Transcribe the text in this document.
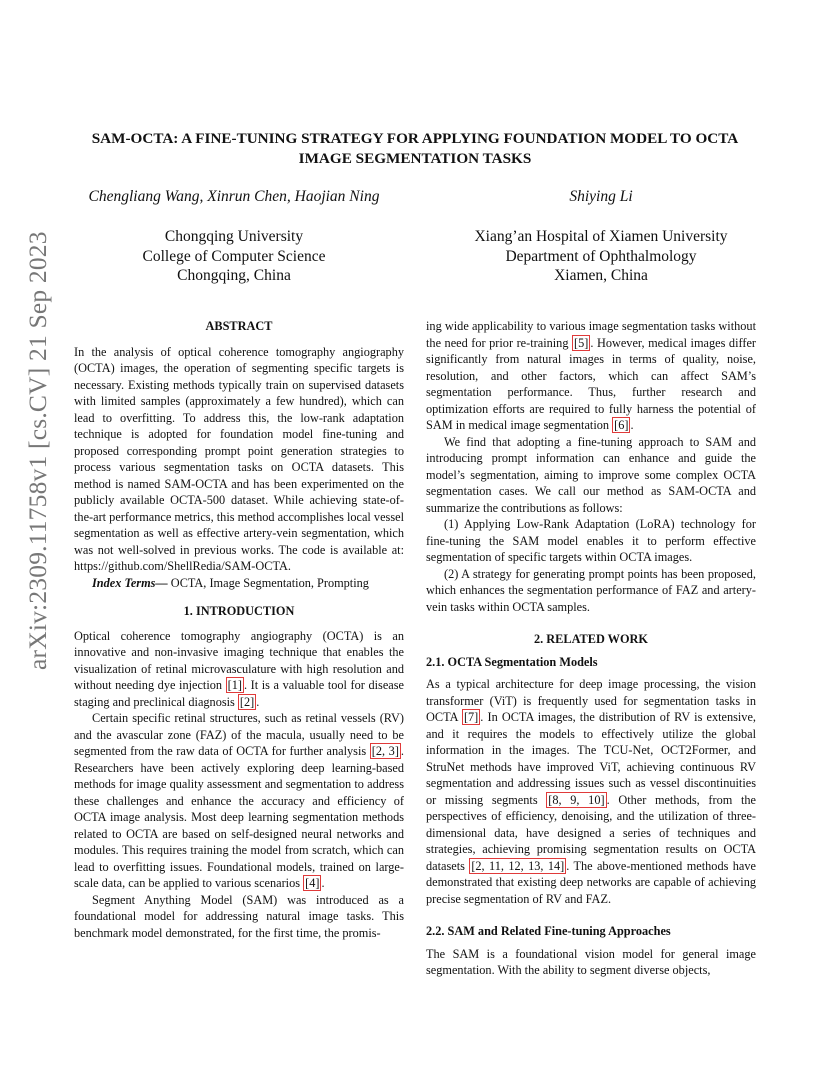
arXiv:2309.11758v1 [cs.CV] 21 Sep 2023
SAM-OCTA: A FINE-TUNING STRATEGY FOR APPLYING FOUNDATION MODEL TO OCTA IMAGE SEGMENTATION TASKS
Chengliang Wang, Xinrun Chen, Haojian Ning	Shiying Li
Chongqing University
College of Computer Science
Chongqing, China
Xiang’an Hospital of Xiamen University
Department of Ophthalmology
Xiamen, China
ABSTRACT

In the analysis of optical coherence tomography angiography (OCTA) images, the operation of segmenting specific targets is necessary. Existing methods typically train on supervised datasets with limited samples (approximately a few hundred), which can lead to overfitting. To address this, the low-rank adaptation technique is adopted for foundation model fine-tuning and proposed corresponding prompt point generation strategies to process various segmentation tasks on OCTA datasets. This method is named SAM-OCTA and has been experimented on the publicly available OCTA-500 dataset. While achieving state-of-the-art performance metrics, this method accomplishes local vessel segmentation as well as effective artery-vein segmentation, which was not well-solved in previous works. The code is available at: https://github.com/ShellRedia/SAM-OCTA.

Index Terms— OCTA, Image Segmentation, Prompting

1. INTRODUCTION

Optical coherence tomography angiography (OCTA) is an innovative and non-invasive imaging technique that enables the visualization of retinal microvasculature with high resolution and without needing dye injection [1] . It is a valuable tool for disease staging and preclinical diagnosis [2] .

Certain specific retinal structures, such as retinal vessels (RV) and the avascular zone (FAZ) of the macula, usually need to be segmented from the raw data of OCTA for further analysis [2, 3] . Researchers have been actively exploring deep learning-based methods for image quality assessment and segmentation to address these challenges and enhance the accuracy and efficiency of OCTA image analysis. Most deep learning segmentation methods related to OCTA are based on self-designed neural networks and modules. This requires training the model from scratch, which can lead to overfitting issues. Foundational models, trained on large-scale data, can be applied to various scenarios [4] .

Segment Anything Model (SAM) was introduced as a foundational model for addressing natural image tasks. This benchmark model demonstrated, for the first time, the promis-

ing wide applicability to various image segmentation tasks without the need for prior re-training [5] . However, medical images differ significantly from natural images in terms of quality, noise, resolution, and other factors, which can affect SAM’s segmentation performance. Thus, further research and optimization efforts are required to fully harness the potential of SAM in medical image segmentation [6] .

We find that adopting a fine-tuning approach to SAM and introducing prompt information can enhance and guide the model’s segmentation, aiming to improve some complex OCTA segmentation cases. We call our method as SAM-OCTA and summarize the contributions as follows:

(1) Applying Low-Rank Adaptation (LoRA) technology for fine-tuning the SAM model enables it to perform effective segmentation of specific targets within OCTA images.

(2) A strategy for generating prompt points has been proposed, which enhances the segmentation performance of FAZ and artery-vein tasks within OCTA samples.

2. RELATED WORK
2.1. OCTA Segmentation Models

As a typical architecture for deep image processing, the vision transformer (ViT) is frequently used for segmentation tasks in OCTA [7] . In OCTA images, the distribution of RV is extensive, and it requires the models to effectively utilize the global information in the images. The TCU-Net, OCT2Former, and StruNet methods have improved ViT, achieving continuous RV segmentation and addressing issues such as vessel discontinuities or missing segments [8, 9, 10] . Other methods, from the perspectives of efficiency, denoising, and the utilization of three-dimensional data, have designed a series of techniques and strategies, achieving promising segmentation results on OCTA datasets [2, 11, 12, 13, 14] . The above-mentioned methods have demonstrated that existing deep networks are capable of achieving precise segmentation of RV and FAZ.

2.2. SAM and Related Fine-tuning Approaches

The SAM is a foundational vision model for general image segmentation. With the ability to segment diverse objects,
